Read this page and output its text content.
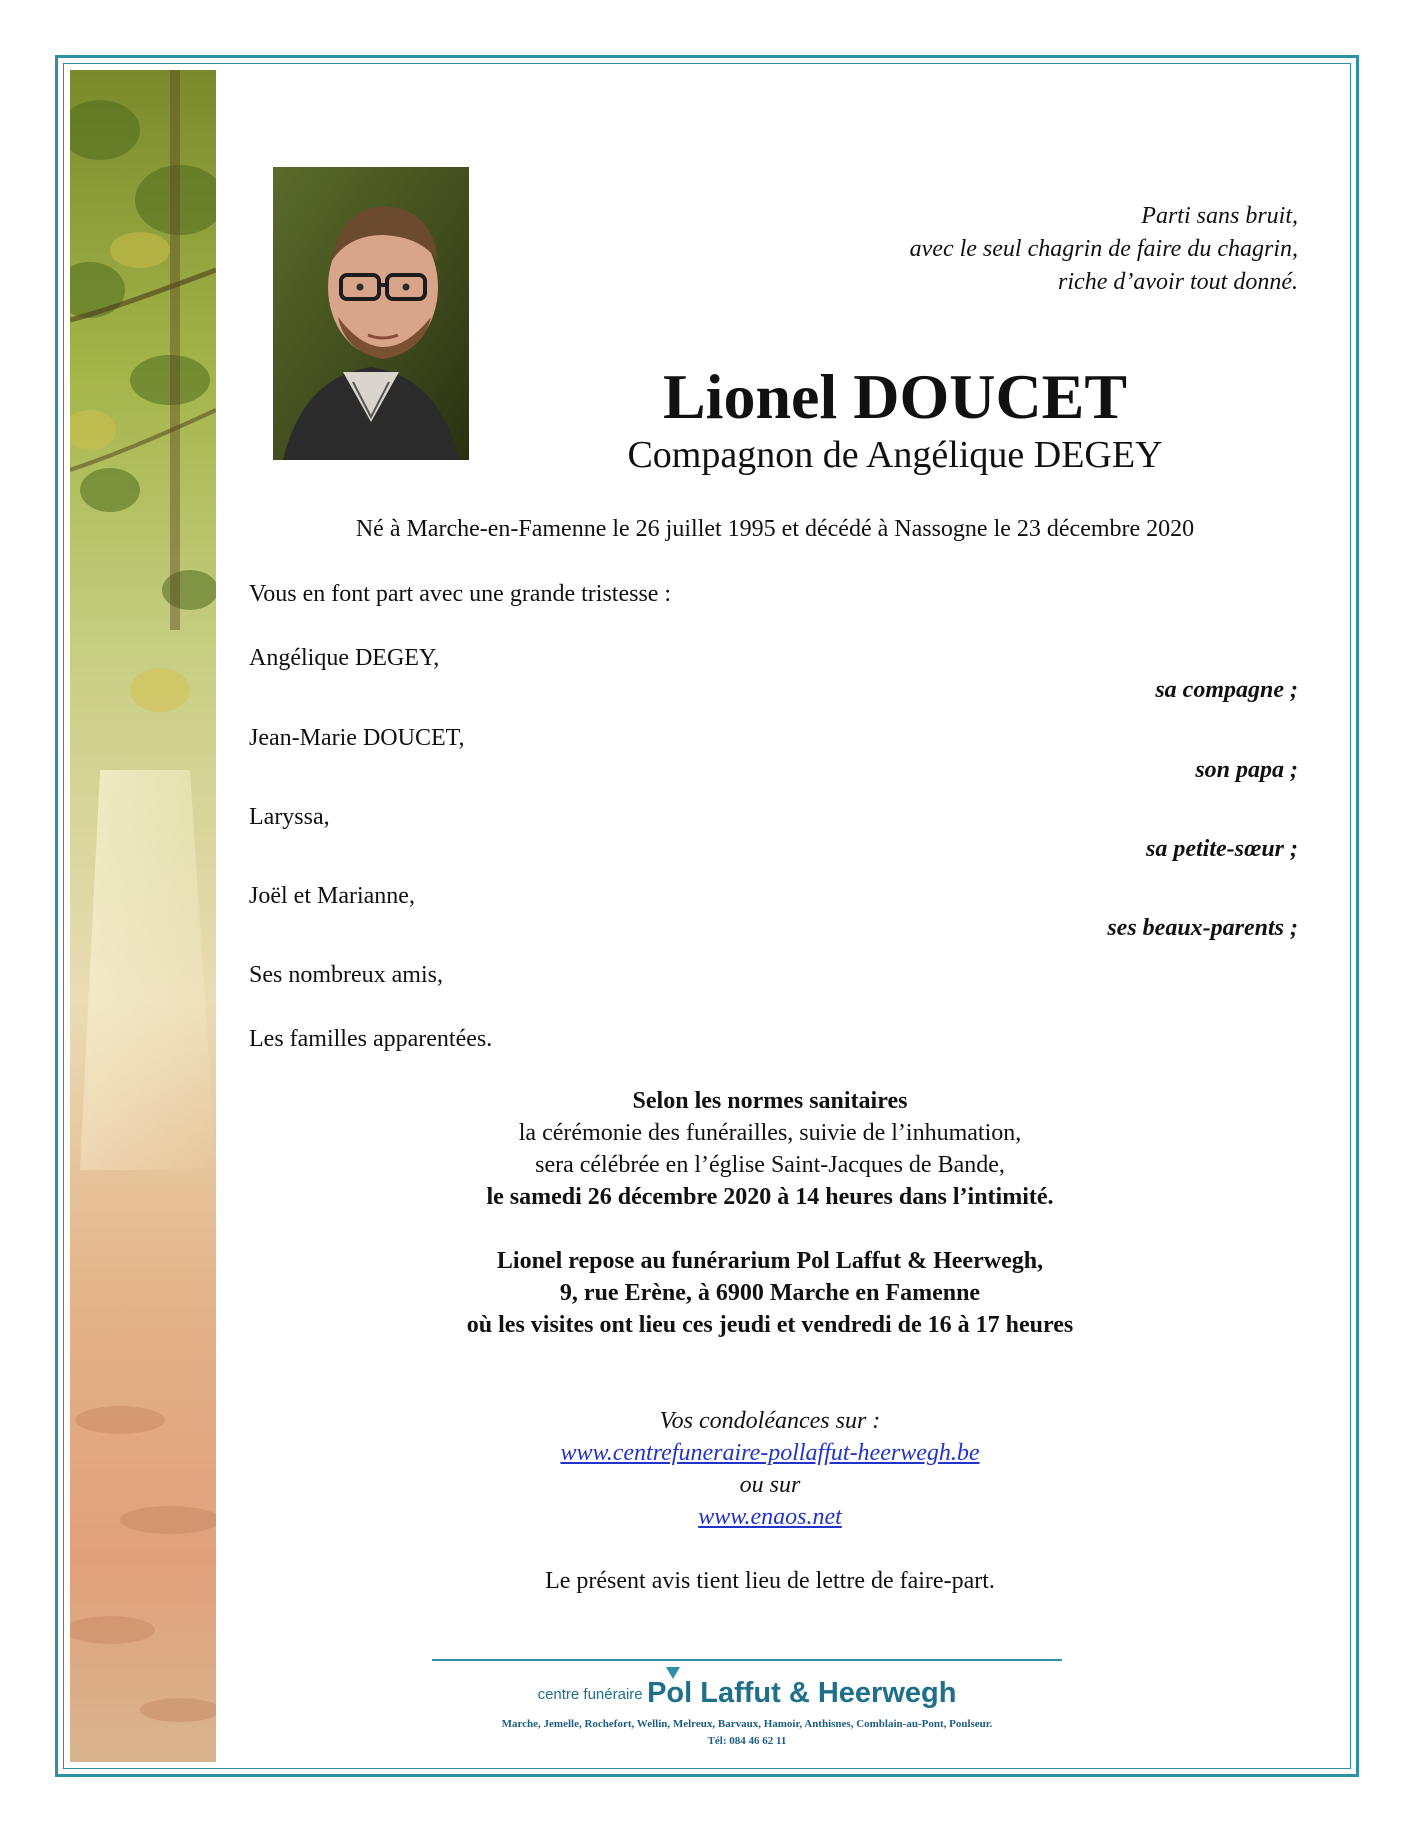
Parti sans bruit,
avec le seul chagrin de faire du chagrin,
riche d’avoir tout donné.
Lionel DOUCET
Compagnon de Angélique DEGEY
Né à Marche-en-Famenne le 26 juillet 1995 et décédé à Nassogne le 23 décembre 2020
Vous en font part avec une grande tristesse :
Angélique DEGEY,
sa compagne ;
Jean-Marie DOUCET,
son papa ;
Laryssa,
sa petite-sœur ;
Joël et Marianne,
ses beaux-parents ;
Ses nombreux amis,
Les familles apparentées.
Selon les normes sanitaires
la cérémonie des funérailles, suivie de l’inhumation,
sera célébrée en l’église Saint-Jacques de Bande,
le samedi 26 décembre 2020 à 14 heures dans l’intimité.
Lionel repose au funérarium Pol Laffut & Heerwegh,
9, rue Erène, à 6900 Marche en Famenne
où les visites ont lieu ces jeudi et vendredi de 16 à 17 heures
Vos condoléances sur :
www.centrefuneraire-pollaffut-heerwegh.be
ou sur
www.enaos.net
Le présent avis tient lieu de lettre de faire-part.
centre funéraire Pol Laffut & Heerwegh
Marche, Jemelle, Rochefort, Wellin, Melreux, Barvaux, Hamoir, Anthisnes, Comblain-au-Pont, Poulseur.
Tél: 084 46 62 11
